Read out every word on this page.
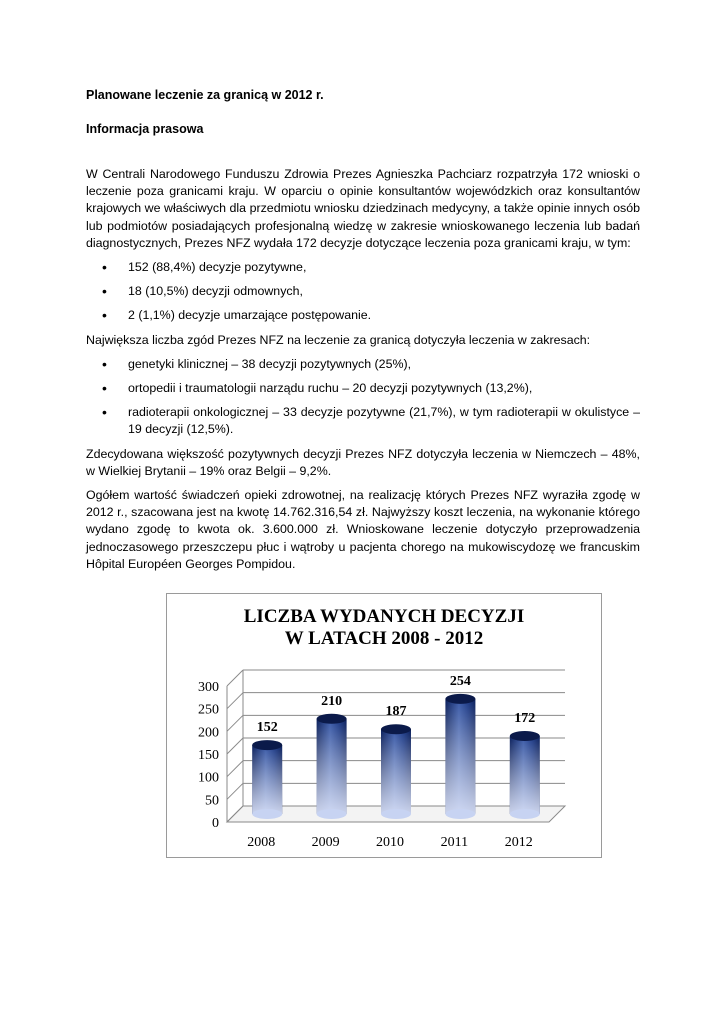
Planowane leczenie za granicą w 2012 r.
Informacja prasowa

W Centrali Narodowego Funduszu Zdrowia Prezes Agnieszka Pachciarz rozpatrzyła 172 wnioski o leczenie poza granicami kraju. W oparciu o opinie konsultantów wojewódzkich oraz konsultantów krajowych we właściwych dla przedmiotu wniosku dziedzinach medycyny, a także opinie innych osób lub podmiotów posiadających profesjonalną wiedzę w zakresie wnioskowanego leczenia lub badań diagnostycznych, Prezes NFZ wydała 172 decyzje dotyczące leczenia poza granicami kraju, w tym:

• 152 (88,4%) decyzje pozytywne,
• 18 (10,5%) decyzji odmownych,
• 2 (1,1%) decyzje umarzające postępowanie.

Największa liczba zgód Prezes NFZ na leczenie za granicą dotyczyła leczenia w zakresach:

• genetyki klinicznej – 38 decyzji pozytywnych (25%),
• ortopedii i traumatologii narządu ruchu – 20 decyzji pozytywnych (13,2%),
• radioterapii onkologicznej – 33 decyzje pozytywne (21,7%), w tym radioterapii w okulistyce – 19 decyzji (12,5%).

Zdecydowana większość pozytywnych decyzji Prezes NFZ dotyczyła leczenia w Niemczech – 48%, w Wielkiej Brytanii – 19% oraz Belgii – 9,2%.

Ogółem wartość świadczeń opieki zdrowotnej, na realizację których Prezes NFZ wyraziła zgodę w 2012 r., szacowana jest na kwotę 14.762.316,54 zł. Najwyższy koszt leczenia, na wykonanie którego wydano zgodę to kwota ok. 3.600.000 zł. Wnioskowane leczenie dotyczyło przeprowadzenia jednoczasowego przeszczepu płuc i wątroby u pacjenta chorego na mukowiscydozę we francuskim Hôpital Européen Georges Pompidou.

LICZBA WYDANYCH DECYZJI
W LATACH 2008 - 2012
0
50
100
150
200
250
300
152
2008
210
2009
187
2010
254
2011
172
2012
